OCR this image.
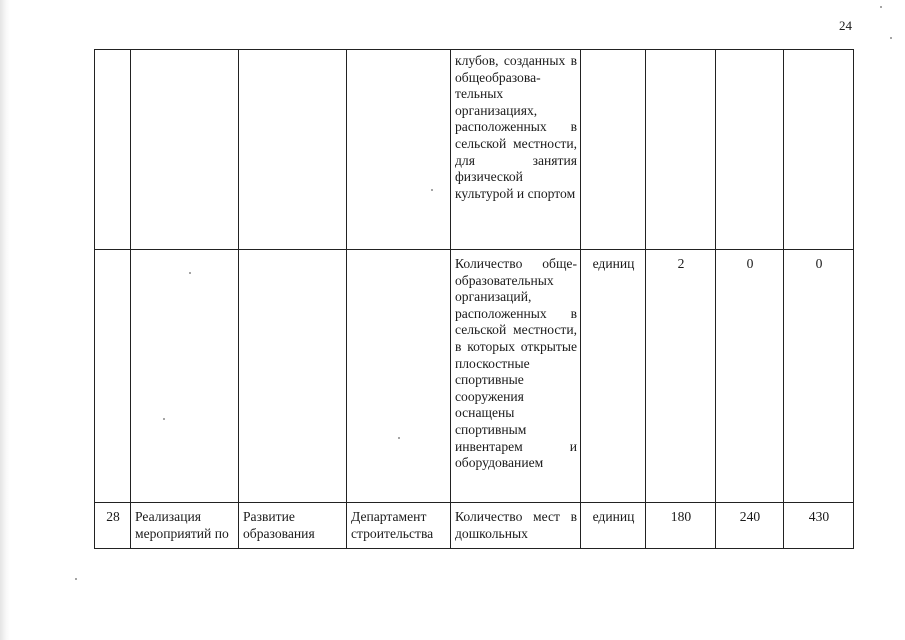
24
				клубов, созданных в общеобразова-тельных организациях, расположенных в сельской местности, для занятия физической культурой и спортом				
				Количество обще-образовательных организаций, расположенных в сельской местности, в которых открытые плоскостные спортивные сооружения оснащены спортивным инвентарем и оборудованием	единиц	2	0	0
28	Реализация мероприятий по	Развитие образования	Департамент строительства	Количество мест в дошкольных	единиц	180	240	430
